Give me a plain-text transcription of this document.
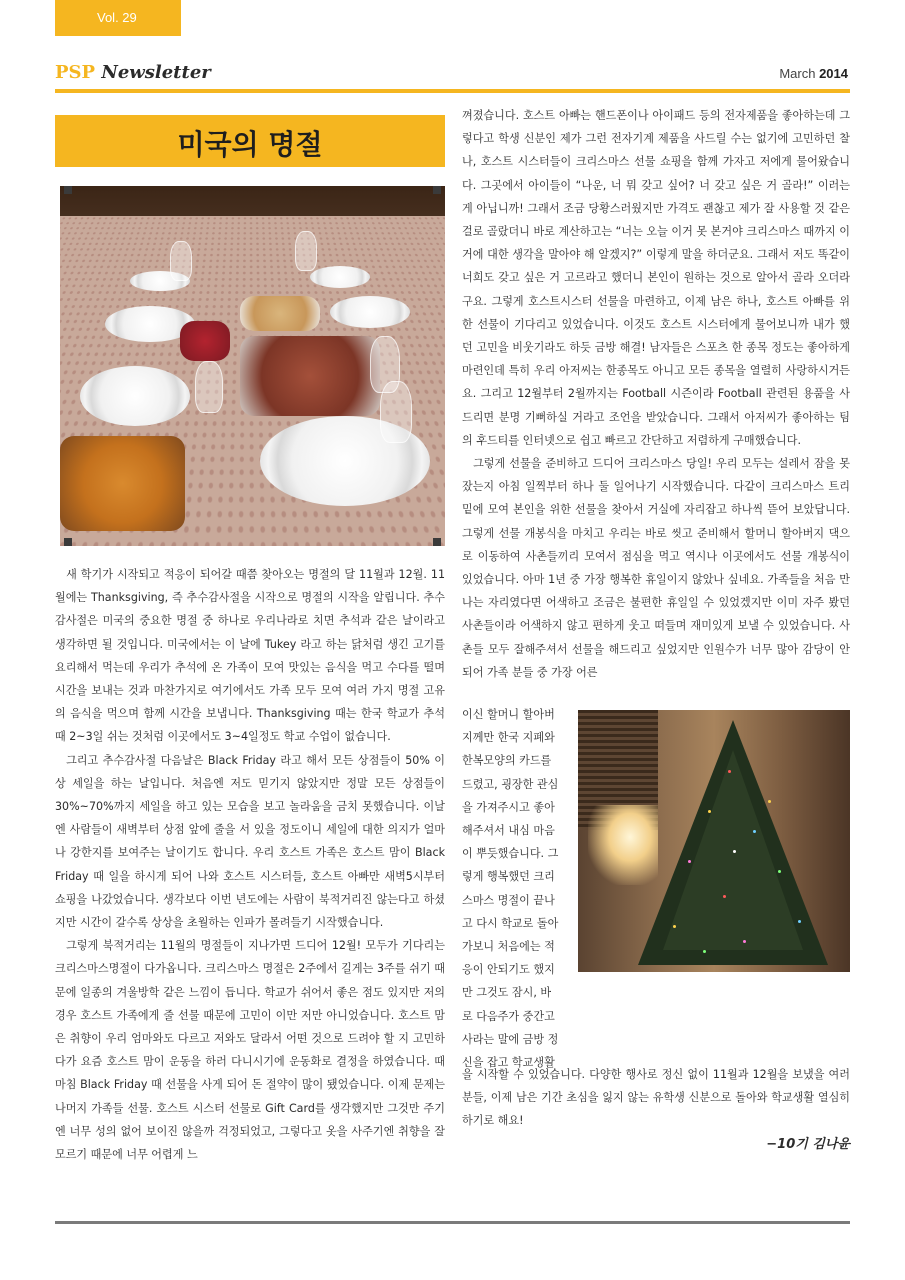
Vol. 29
PSP Newsletter	March 2014
미국의 명절

새 학기가 시작되고 적응이 되어갈 때쯤 찾아오는 명절의 달 11월과 12월. 11월에는 Thanksgiving, 즉 추수감사절을 시작으로 명절의 시작을 알립니다. 추수감사절은 미국의 중요한 명절 중 하나로 우리나라로 치면 추석과 같은 날이라고 생각하면 될 것입니다. 미국에서는 이 날에 Tukey 라고 하는 닭처럼 생긴 고기를 요리해서 먹는데 우리가 추석에 온 가족이 모여 맛있는 음식을 먹고 수다를 떨며 시간을 보내는 것과 마찬가지로 여기에서도 가족 모두 모여 여러 가지 명절 고유의 음식을 먹으며 함께 시간을 보냅니다. Thanksgiving 때는 한국 학교가 추석 때 2~3일 쉬는 것처럼 이곳에서도 3~4일정도 학교 수업이 없습니다.

그리고 추수감사절 다음날은 Black Friday 라고 해서 모든 상점들이 50% 이상 세일을 하는 날입니다. 처음엔 저도 믿기지 않았지만 정말 모든 상점들이 30%~70%까지 세일을 하고 있는 모습을 보고 놀라움을 금치 못했습니다. 이날엔 사람들이 새벽부터 상점 앞에 줄을 서 있을 정도이니 세일에 대한 의지가 얼마나 강한지를 보여주는 날이기도 합니다. 우리 호스트 가족은 호스트 맘이 Black Friday 때 일을 하시게 되어 나와 호스트 시스터들, 호스트 아빠만 새벽5시부터 쇼핑을 나갔었습니다. 생각보다 이번 년도에는 사람이 북적거리진 않는다고 하셨지만 시간이 갈수록 상상을 초월하는 인파가 몰려들기 시작했습니다.

그렇게 북적거리는 11월의 명절들이 지나가면 드디어 12월! 모두가 기다리는 크리스마스명절이 다가옵니다. 크리스마스 명절은 2주에서 길게는 3주를 쉬기 때문에 일종의 겨울방학 같은 느낌이 듭니다. 학교가 쉬어서 좋은 점도 있지만 저의 경우 호스트 가족에게 줄 선물 때문에 고민이 이만 저만 아니었습니다. 호스트 맘은 취향이 우리 엄마와도 다르고 저와도 달라서 어떤 것으로 드려야 할 지 고민하다가 요즘 호스트 맘이 운동을 하러 다니시기에 운동화로 결정을 하였습니다. 때마침 Black Friday 때 선물을 사게 되어 돈 절약이 많이 됐었습니다. 이제 문제는 나머지 가족들 선물. 호스트 시스터 선물로 Gift Card를 생각했지만 그것만 주기엔 너무 성의 없어 보이진 않을까 걱정되었고, 그렇다고 옷을 사주기엔 취향을 잘 모르기 때문에 너무 어렵게 느

껴졌습니다. 호스트 아빠는 핸드폰이나 아이패드 등의 전자제품을 좋아하는데 그렇다고 학생 신분인 제가 그런 전자기계 제품을 사드릴 수는 없기에 고민하던 찰나, 호스트 시스터들이 크리스마스 선물 쇼핑을 함께 가자고 저에게 물어왔습니다. 그곳에서 아이들이 “나운, 너 뭐 갖고 싶어? 너 갖고 싶은 거 골라!” 이러는 게 아닙니까! 그래서 조금 당황스러웠지만 가격도 괜찮고 제가 잘 사용할 것 같은 걸로 골랐더니 바로 계산하고는 “너는 오늘 이거 못 본거야 크리스마스 때까지 이거에 대한 생각을 말아야 해 알겠지?” 이렇게 말을 하더군요. 그래서 저도 똑같이 너희도 갖고 싶은 거 고르라고 했더니 본인이 원하는 것으로 알아서 골라 오더라구요. 그렇게 호스트시스터 선물을 마련하고, 이제 남은 하나, 호스트 아빠를 위한 선물이 기다리고 있었습니다. 이것도 호스트 시스터에게 물어보니까 내가 했던 고민을 비웃기라도 하듯 금방 해결! 남자들은 스포츠 한 종목 정도는 좋아하게 마련인데 특히 우리 아저씨는 한종목도 아니고 모든 종목을 열렬히 사랑하시거든요. 그리고 12월부터 2월까지는 Football 시즌이라 Football 관련된 용품을 사드리면 분명 기뻐하실 거라고 조언을 받았습니다. 그래서 아저씨가 좋아하는 팀의 후드티를 인터넷으로 쉽고 빠르고 간단하고 저렴하게 구매했습니다.

그렇게 선물을 준비하고 드디어 크리스마스 당일! 우리 모두는 설레서 잠을 못 잤는지 아침 일찍부터 하나 둘 일어나기 시작했습니다. 다같이 크리스마스 트리 밑에 모여 본인을 위한 선물을 찾아서 거실에 자리잡고 하나씩 뜯어 보았답니다. 그렇게 선물 개봉식을 마치고 우리는 바로 씻고 준비해서 할머니 할아버지 댁으로 이동하여 사촌들끼리 모여서 점심을 먹고 역시나 이곳에서도 선물 개봉식이 있었습니다. 아마 1년 중 가장 행복한 휴일이지 않았나 싶네요. 가족들을 처음 만나는 자리였다면 어색하고 조금은 불편한 휴일일 수 있었겠지만 이미 자주 봤던 사촌들이라 어색하지 않고 편하게 웃고 떠들며 재미있게 보낼 수 있었습니다. 사촌들 모두 잘해주셔서 선물을 해드리고 싶었지만 인원수가 너무 많아 감당이 안되어 가족 분들 중 가장 어른

이신 할머니 할아버
지께만 한국 지폐와
한복모양의 카드를
드렸고, 굉장한 관심
을 가져주시고 좋아
해주셔서 내심 마음
이 뿌듯했습니다. 그
렇게 행복했던 크리
스마스 명절이 끝나
고 다시 학교로 돌아
가보니 처음에는 적
응이 안되기도 했지
만 그것도 잠시, 바
로 다음주가 중간고
사라는 말에 금방 정
신을 잡고 학교생활

을 시작할 수 있었습니다. 다양한 행사로 정신 없이 11월과 12월을 보냈을 여러분들, 이제 남은 기간 초심을 잃지 않는 유학생 신분으로 돌아와 학교생활 열심히 하기로 해요!

−10기 김나윤
